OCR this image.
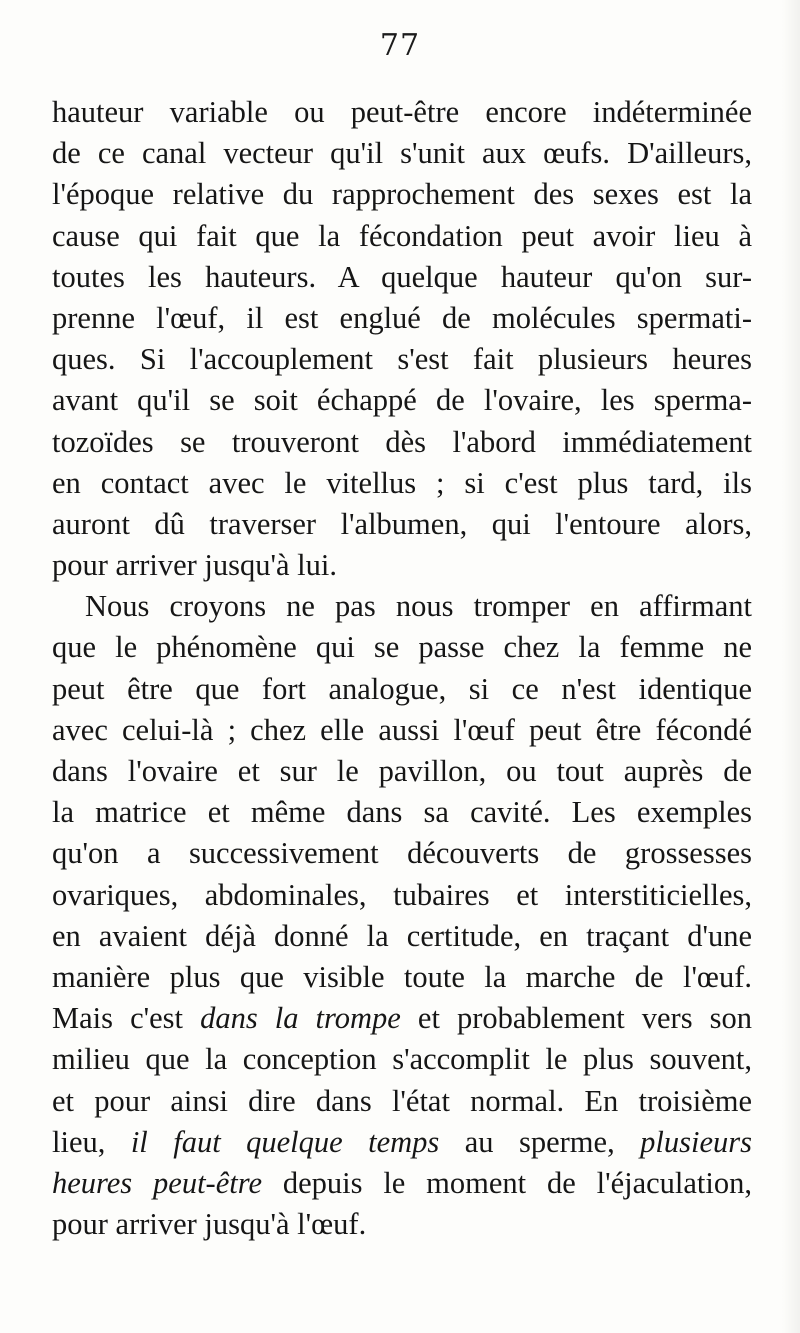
77
hauteur variable ou peut-être encore indéterminée
de ce canal vecteur qu'il s'unit aux œufs. D'ailleurs,
l'époque relative du rapprochement des sexes est la
cause qui fait que la fécondation peut avoir lieu à
toutes les hauteurs. A quelque hauteur qu'on sur-
prenne l'œuf, il est englué de molécules spermati-
ques. Si l'accouplement s'est fait plusieurs heures
avant qu'il se soit échappé de l'ovaire, les sperma-
tozoïdes se trouveront dès l'abord immédiatement
en contact avec le vitellus ; si c'est plus tard, ils
auront dû traverser l'albumen, qui l'entoure alors,
pour arriver jusqu'à lui.
Nous croyons ne pas nous tromper en affirmant
que le phénomène qui se passe chez la femme ne
peut être que fort analogue, si ce n'est identique
avec celui-là ; chez elle aussi l'œuf peut être fécondé
dans l'ovaire et sur le pavillon, ou tout auprès de
la matrice et même dans sa cavité. Les exemples
qu'on a successivement découverts de grossesses
ovariques, abdominales, tubaires et interstiticielles,
en avaient déjà donné la certitude, en traçant d'une
manière plus que visible toute la marche de l'œuf.
Mais c'est dans la trompe et probablement vers son
milieu que la conception s'accomplit le plus souvent,
et pour ainsi dire dans l'état normal. En troisième
lieu, il faut quelque temps au sperme, plusieurs
heures peut-être depuis le moment de l'éjaculation,
pour arriver jusqu'à l'œuf.
